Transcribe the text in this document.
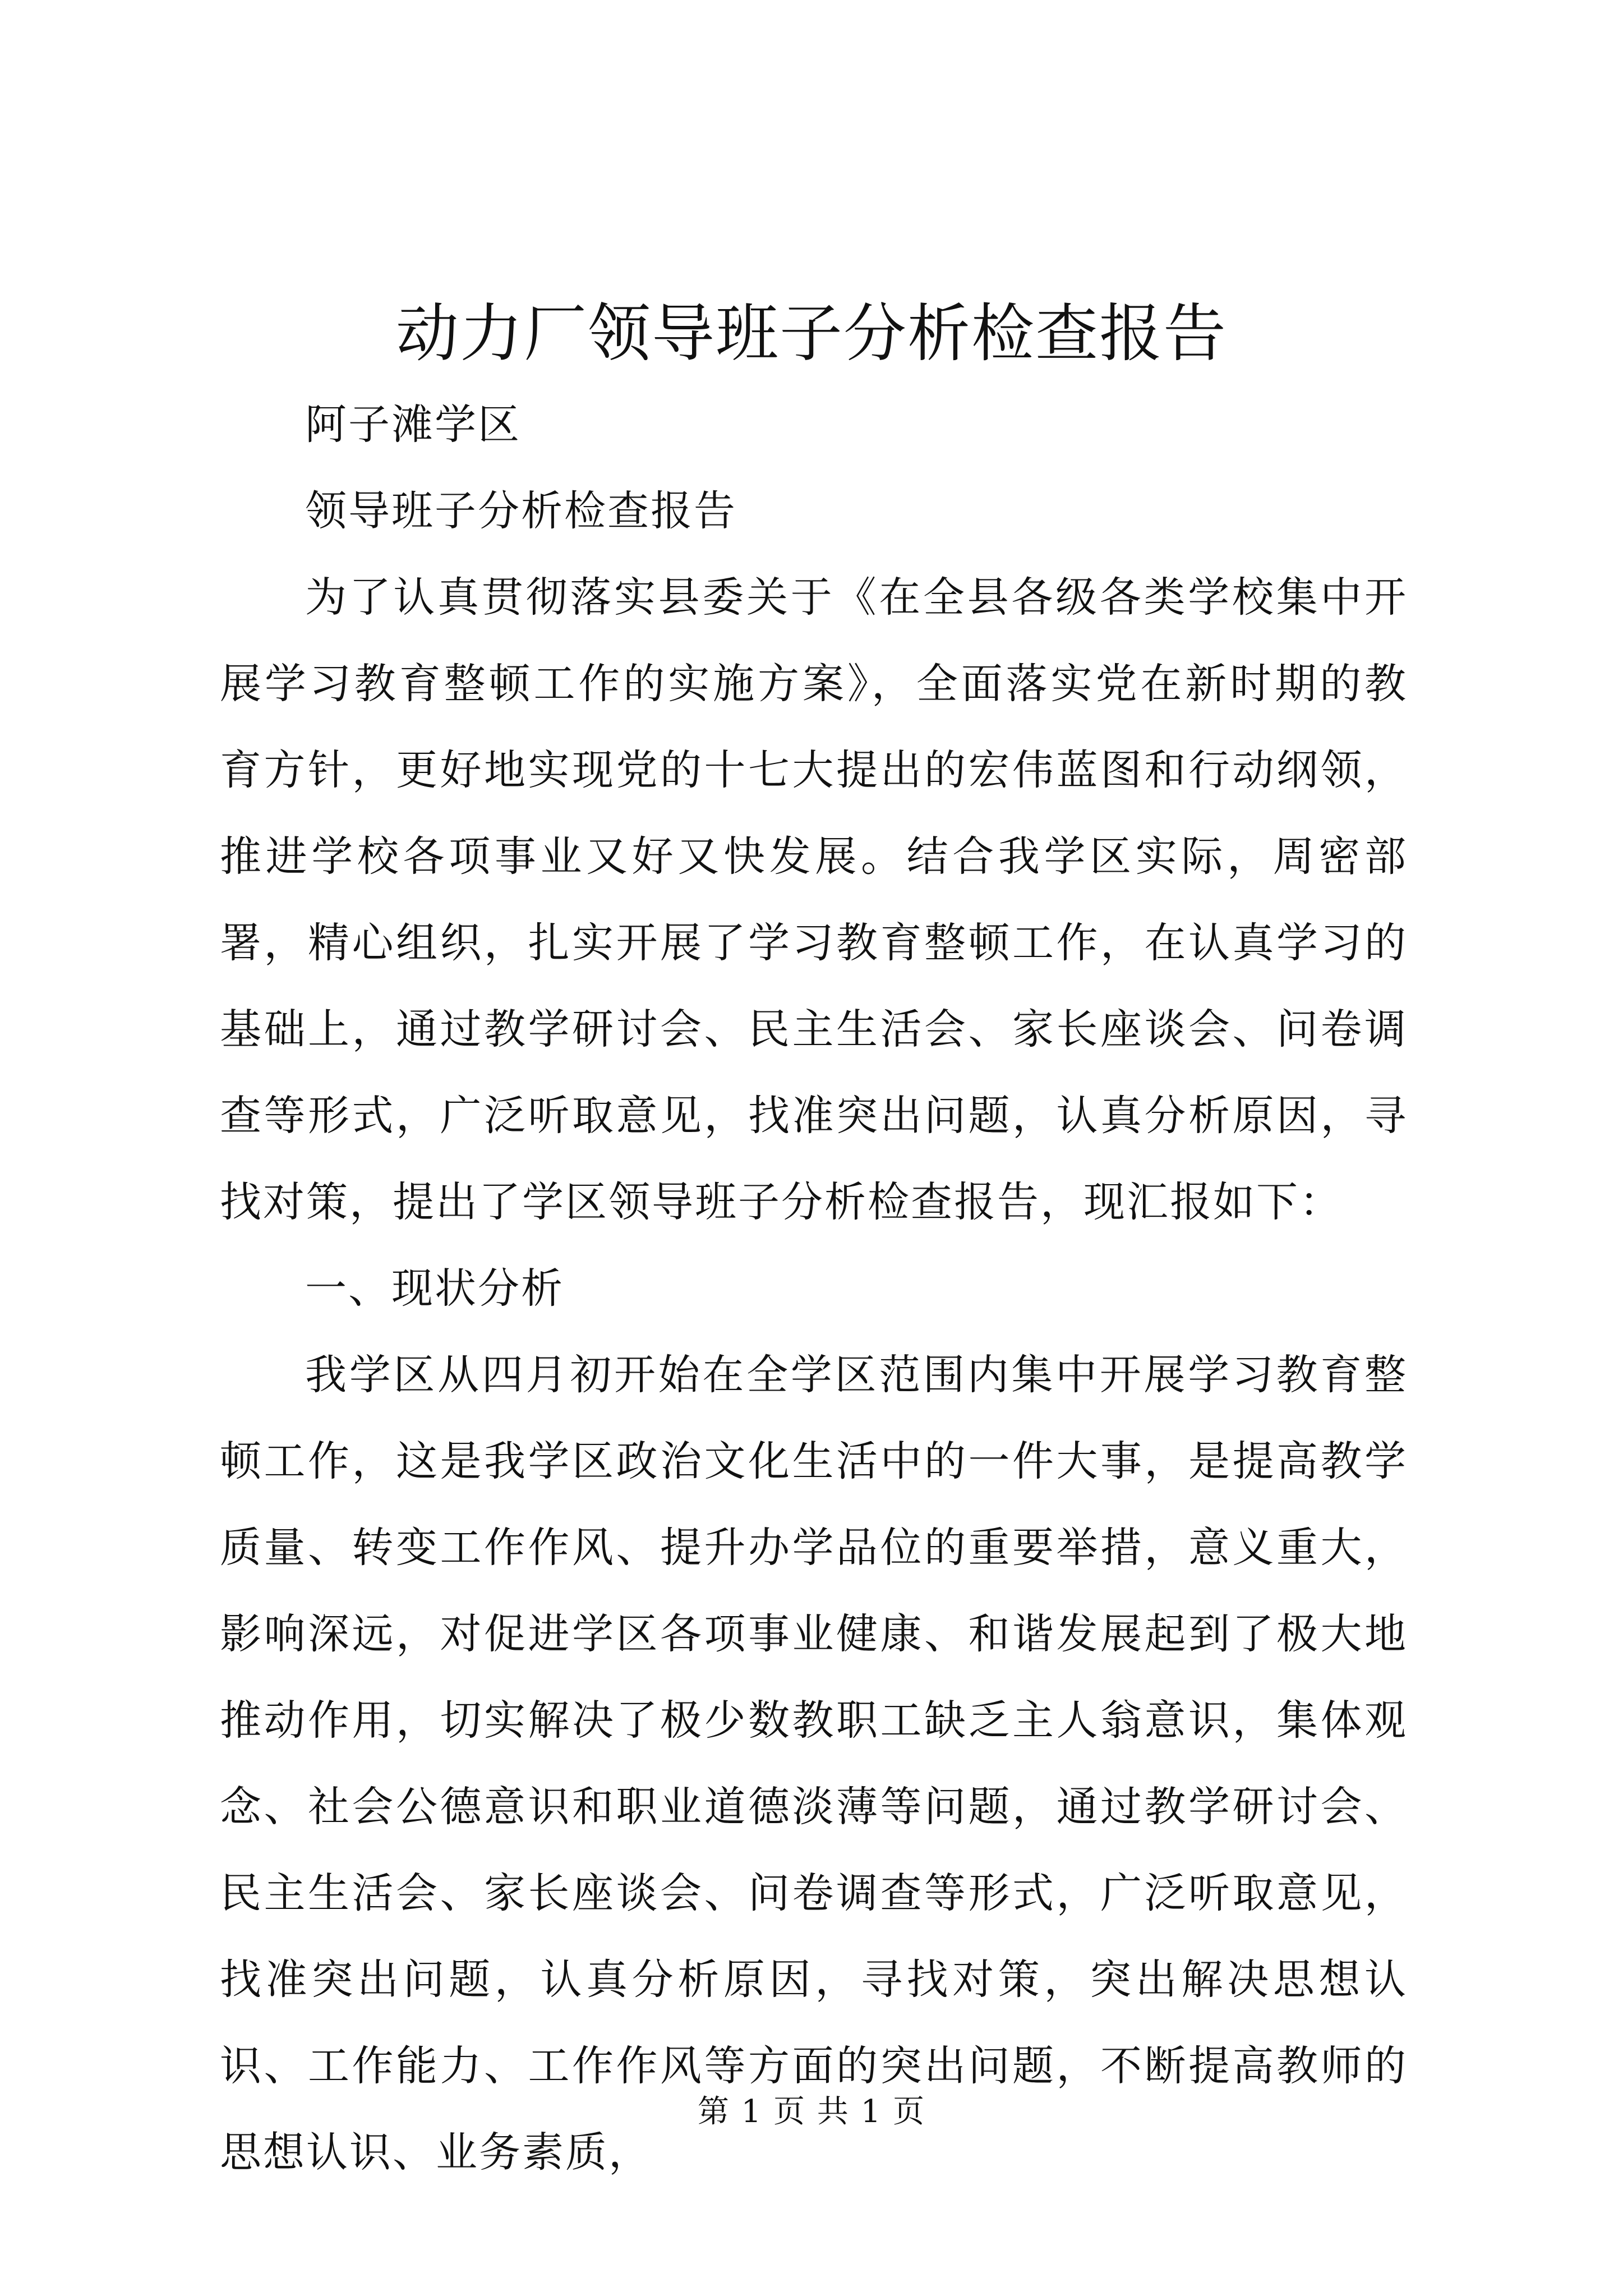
动力厂领导班子分析检查报告

阿子滩学区

领导班子分析检查报告

为了认真贯彻落实县委关于《在全县各级各类学校集中开展学习教育整顿工作的实施方案》，全面落实党在新时期的教育方针，更好地实现党的十七大提出的宏伟蓝图和行动纲领，推进学校各项事业又好又快发展。结合我学区实际，周密部署，精心组织，扎实开展了学习教育整顿工作，在认真学习的基础上，通过教学研讨会、民主生活会、家长座谈会、问卷调查等形式，广泛听取意见，找准突出问题，认真分析原因，寻找对策，提出了学区领导班子分析检查报告，现汇报如下：

一、现状分析

我学区从四月初开始在全学区范围内集中开展学习教育整顿工作，这是我学区政治文化生活中的一件大事，是提高教学质量、转变工作作风、提升办学品位的重要举措，意义重大，影响深远，对促进学区各项事业健康、和谐发展起到了极大地推动作用，切实解决了极少数教职工缺乏主人翁意识，集体观念、社会公德意识和职业道德淡薄等问题，通过教学研讨会、民主生活会、家长座谈会、问卷调查等形式，广泛听取意见，找准突出问题，认真分析原因，寻找对策，突出解决思想认识、工作能力、工作作风等方面的突出问题，不断提高教师的思想认识、业务素质，

第 1 页 共 1 页
